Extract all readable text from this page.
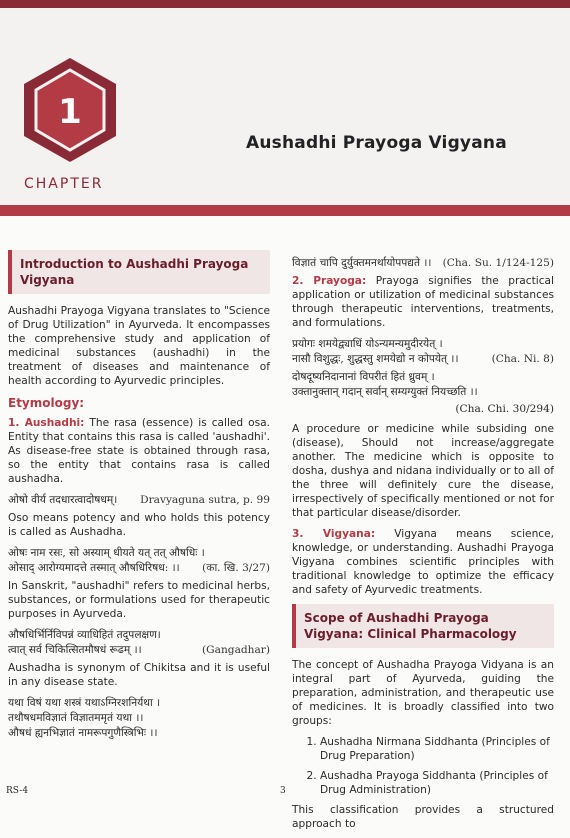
1
CHAPTER
Aushadhi Prayoga Vigyana
Introduction to Aushadhi Prayoga Vigyana

Aushadhi Prayoga Vigyana translates to "Science of Drug Utilization" in Ayurveda. It encompasses the comprehensive study and application of medicinal substances (aushadhi) in the treatment of diseases and maintenance of health according to Ayurvedic principles.

Etymology:

1. Aushadhi: The rasa (essence) is called osa. Entity that contains this rasa is called 'aushadhi'. As disease-free state is obtained through rasa, so the entity that contains rasa is called aushadha.

ओषो वीर्य तदधारत्वादोषधम्। Dravyaguna sutra, p. 99

Oso means potency and who holds this potency is called as Aushadha.

ओषः नाम रसः, सो अस्याम् धीयते यत् तत् औषधिः ।
ओसाद् आरोग्यमादत्ते तस्मात् औषधिरिषध: ।। (का. खि. 3/27)

In Sanskrit, "aushadhi" refers to medicinal herbs, substances, or formulations used for therapeutic purposes in Ayurveda.

औषधिर्भिर्निविपन्नं व्याधिहितं तदुपलक्षण।
त्वात् सर्व चिकित्सितमौषधं रूढम् ।।	(Gangadhar)

Aushadha is synonym of Chikitsa and it is useful in any disease state.

यथा विषं यथा शस्त्रं यथाऽग्निरशनिर्यथा ।
तथौषधमविज्ञातं विज्ञातममृतं यथा ।।
औषधं ह्यनभिज्ञातं नामरूपगुणैस्त्रिभिः ।।
विज्ञातं चापि दुर्युक्तमनर्थायोपपद्यते ।। (Cha. Su. 1/124-125)

2. Prayoga: Prayoga signifies the practical application or utilization of medicinal substances through therapeutic interventions, treatments, and formulations.

प्रयोगः शमयेद्व्याधिं योऽन्यमन्यमुदीरयेत् ।
नासौ विशुद्धः, शुद्धस्तु शमयेद्यो न कोपयेत् ।।	(Cha. Ni. 8)
दोषदूष्यनिदानानां विपरीतं हितं ध्रुवम् ।
उक्तानुक्तान् गदान् सर्वान् सम्यग्युक्तं नियच्छति ।।
(Cha. Chi. 30/294)

A procedure or medicine while subsiding one (disease), Should not increase/aggregate another. The medicine which is opposite to dosha, dushya and nidana individually or to all of the three will definitely cure the disease, irrespectively of specifically mentioned or not for that particular disease/disorder.

3. Vigyana: Vigyana means science, knowledge, or understanding. Aushadhi Prayoga Vigyana combines scientific principles with traditional knowledge to optimize the efficacy and safety of Ayurvedic treatments.

Scope of Aushadhi Prayoga Vigyana: Clinical Pharmacology

The concept of Aushadha Prayoga Vidyana is an integral part of Ayurveda, guiding the preparation, administration, and therapeutic use of medicines. It is broadly classified into two groups:

1. Aushadha Nirmana Siddhanta (Principles of Drug Preparation)
2. Aushadha Prayoga Siddhanta (Principles of Drug Administration)

This classification provides a structured approach to

RS-4	3
